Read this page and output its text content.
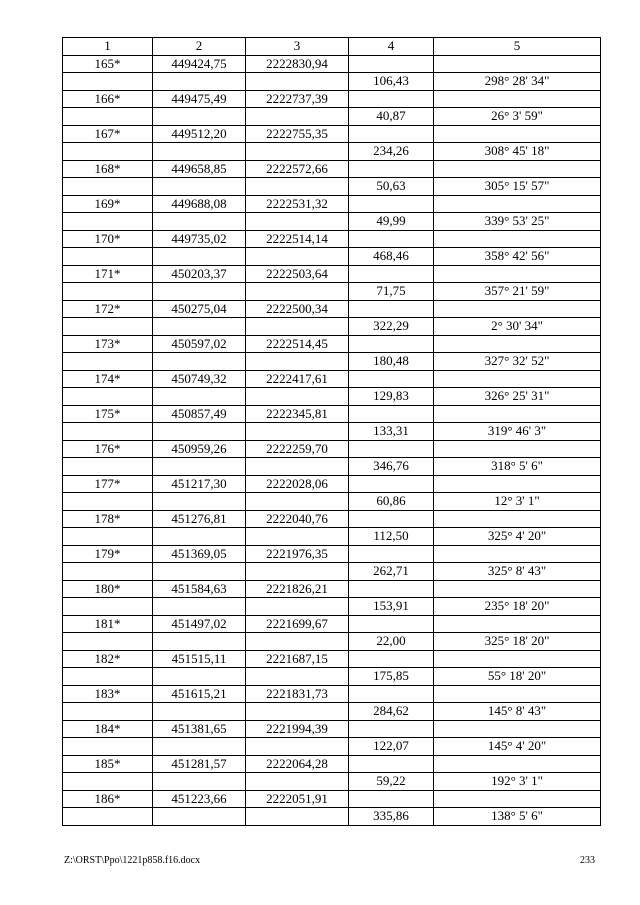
1	2	3	4	5
165*	449424,75	2222830,94		
			106,43	298° 28' 34"
166*	449475,49	2222737,39		
			40,87	26° 3' 59"
167*	449512,20	2222755,35		
			234,26	308° 45' 18"
168*	449658,85	2222572,66		
			50,63	305° 15' 57"
169*	449688,08	2222531,32		
			49,99	339° 53' 25"
170*	449735,02	2222514,14		
			468,46	358° 42' 56"
171*	450203,37	2222503,64		
			71,75	357° 21' 59"
172*	450275,04	2222500,34		
			322,29	2° 30' 34"
173*	450597,02	2222514,45		
			180,48	327° 32' 52"
174*	450749,32	2222417,61		
			129,83	326° 25' 31"
175*	450857,49	2222345,81		
			133,31	319° 46' 3"
176*	450959,26	2222259,70		
			346,76	318° 5' 6"
177*	451217,30	2222028,06		
			60,86	12° 3' 1"
178*	451276,81	2222040,76		
			112,50	325° 4' 20"
179*	451369,05	2221976,35		
			262,71	325° 8' 43"
180*	451584,63	2221826,21		
			153,91	235° 18' 20"
181*	451497,02	2221699,67		
			22,00	325° 18' 20"
182*	451515,11	2221687,15		
			175,85	55° 18' 20"
183*	451615,21	2221831,73		
			284,62	145° 8' 43"
184*	451381,65	2221994,39		
			122,07	145° 4' 20"
185*	451281,57	2222064,28		
			59,22	192° 3' 1"
186*	451223,66	2222051,91		
			335,86	138° 5' 6"
Z:\ORST\Ppo\1221p858.f16.docx	233
